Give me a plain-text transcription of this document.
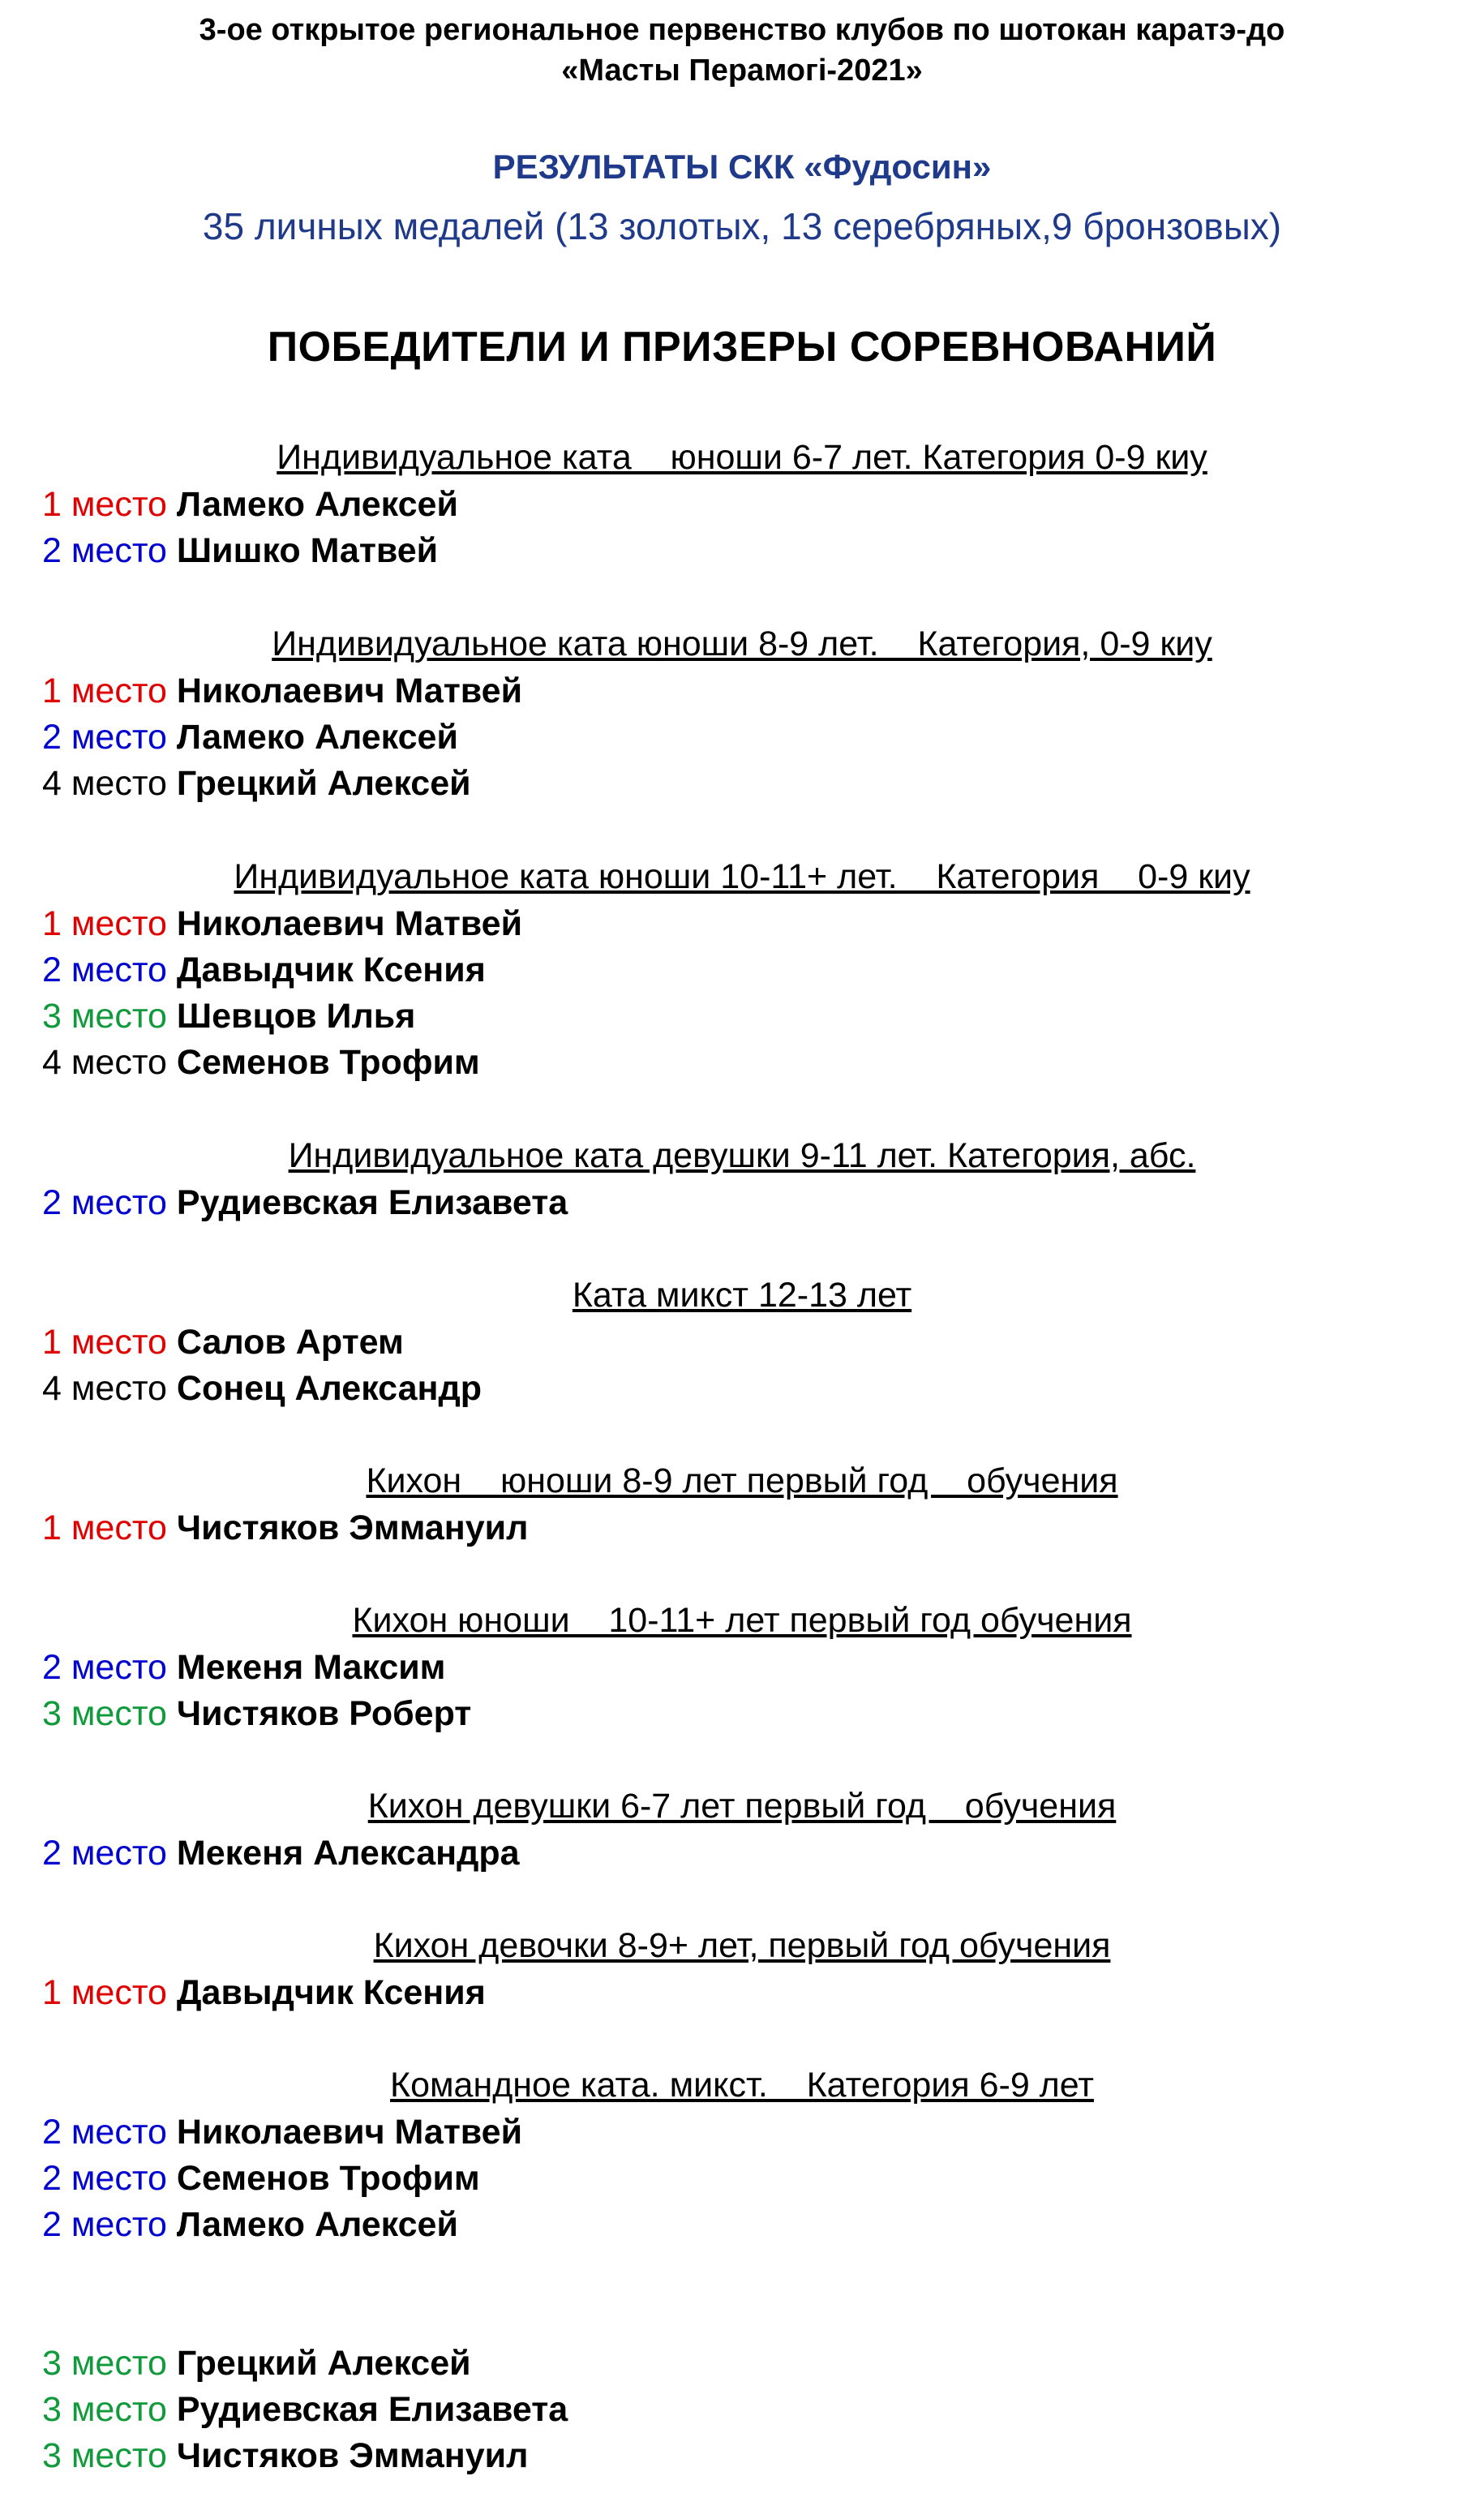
3-ое открытое региональное первенство клубов по шотокан каратэ-до

«Масты Перамогі-2021»

РЕЗУЛЬТАТЫ СКК «Фудосин»

35 личных медалей (13 золотых, 13 серебряных,9 бронзовых)

ПОБЕДИТЕЛИ И ПРИЗЕРЫ СОРЕВНОВАНИЙ

Индивидуальное ката    юноши 6-7 лет. Категория 0-9 киу

1 место Ламеко Алексей

2 место Шишко Матвей

Индивидуальное ката юноши 8-9 лет.    Категория, 0-9 киу

1 место Николаевич Матвей

2 место Ламеко Алексей

4 место Грецкий Алексей

Индивидуальное ката юноши 10-11+ лет.    Категория    0-9 киу

1 место Николаевич Матвей

2 место Давыдчик Ксения

3 место Шевцов Илья

4 место Семенов Трофим

Индивидуальное ката девушки 9-11 лет. Категория, абс.

2 место Рудиевская Елизавета

Ката микст 12-13 лет

1 место Салов Артем

4 место Сонец Александр

Кихон    юноши 8-9 лет первый год    обучения

1 место Чистяков Эммануил

Кихон юноши    10-11+ лет первый год обучения

2 место Мекеня Максим

3 место Чистяков Роберт

Кихон девушки 6-7 лет первый год    обучения

2 место Мекеня Александра

Кихон девочки 8-9+ лет, первый год обучения

1 место Давыдчик Ксения

Командное ката. микст.    Категория 6-9 лет

2 место Николаевич Матвей

2 место Семенов Трофим

2 место Ламеко Алексей

3 место Грецкий Алексей

3 место Рудиевская Елизавета

3 место Чистяков Эммануил
